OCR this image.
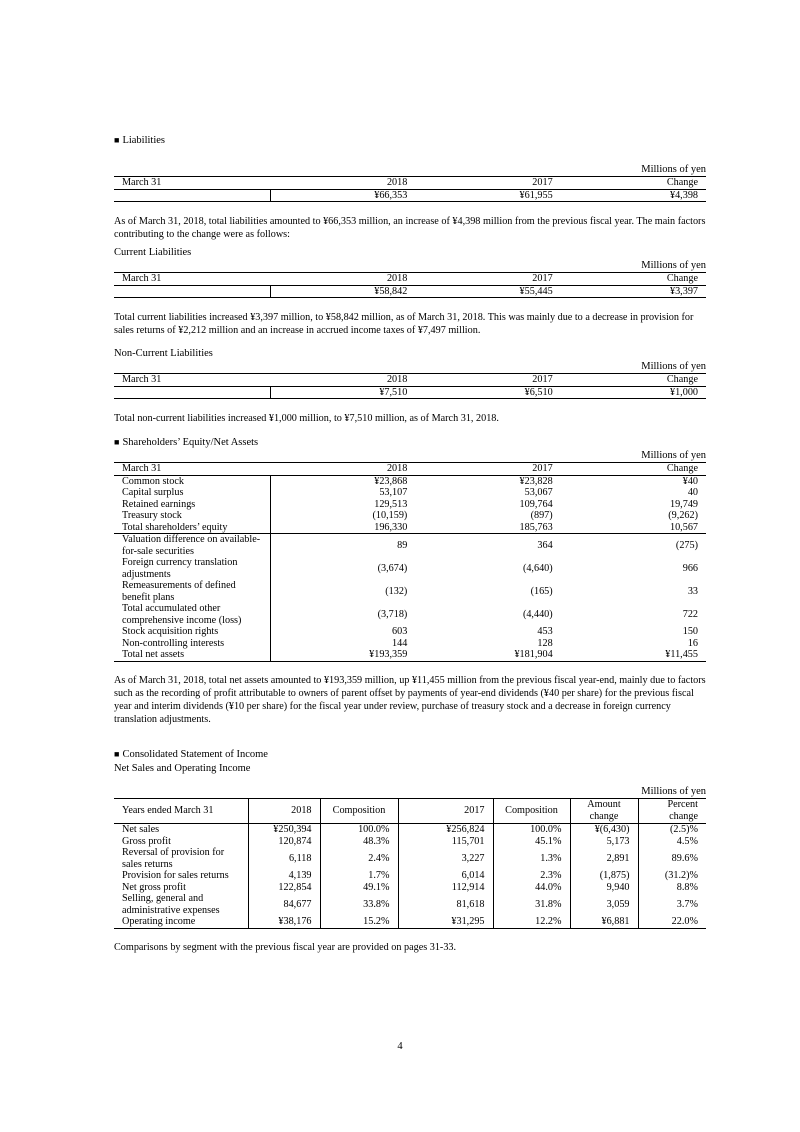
■ Liabilities
Millions of yen
March 31	2018	2017	Change
	¥66,353	¥61,955	¥4,398
As of March 31, 2018, total liabilities amounted to ¥66,353 million, an increase of ¥4,398 million from the previous fiscal year. The main factors contributing to the change were as follows:
Current Liabilities
Millions of yen
March 31	2018	2017	Change
	¥58,842	¥55,445	¥3,397
Total current liabilities increased ¥3,397 million, to ¥58,842 million, as of March 31, 2018. This was mainly due to a decrease in provision for sales returns of ¥2,212 million and an increase in accrued income taxes of ¥7,497 million.
Non-Current Liabilities
Millions of yen
March 31	2018	2017	Change
	¥7,510	¥6,510	¥1,000
Total non-current liabilities increased ¥1,000 million, to ¥7,510 million, as of March 31, 2018.
■ Shareholders’ Equity/Net Assets
Millions of yen
March 31	2018	2017	Change
Common stock	¥23,868	¥23,828	¥40
Capital surplus	53,107	53,067	40
Retained earnings	129,513	109,764	19,749
Treasury stock	(10,159)	(897)	(9,262)
Total shareholders’ equity	196,330	185,763	10,567
Valuation difference on available-for-sale securities	89	364	(275)
Foreign currency translation adjustments	(3,674)	(4,640)	966
Remeasurements of defined benefit plans	(132)	(165)	33
Total accumulated other comprehensive income (loss)	(3,718)	(4,440)	722
Stock acquisition rights	603	453	150
Non-controlling interests	144	128	16
Total net assets	¥193,359	¥181,904	¥11,455
As of March 31, 2018, total net assets amounted to ¥193,359 million, up ¥11,455 million from the previous fiscal year-end, mainly due to factors such as the recording of profit attributable to owners of parent offset by payments of year-end dividends (¥40 per share) for the previous fiscal year and interim dividends (¥10 per share) for the fiscal year under review, purchase of treasury stock and a decrease in foreign currency translation adjustments.
■ Consolidated Statement of Income
Net Sales and Operating Income
Millions of yen
Years ended March 31	2018	Composition	2017	Composition	Amount change	Percent change
Net sales	¥250,394	100.0%	¥256,824	100.0%	¥(6,430)	(2.5)%
Gross profit	120,874	48.3%	115,701	45.1%	5,173	4.5%
Reversal of provision for sales returns	6,118	2.4%	3,227	1.3%	2,891	89.6%
Provision for sales returns	4,139	1.7%	6,014	2.3%	(1,875)	(31.2)%
Net gross profit	122,854	49.1%	112,914	44.0%	9,940	8.8%
Selling, general and administrative expenses	84,677	33.8%	81,618	31.8%	3,059	3.7%
Operating income	¥38,176	15.2%	¥31,295	12.2%	¥6,881	22.0%
Comparisons by segment with the previous fiscal year are provided on pages 31-33.
4
